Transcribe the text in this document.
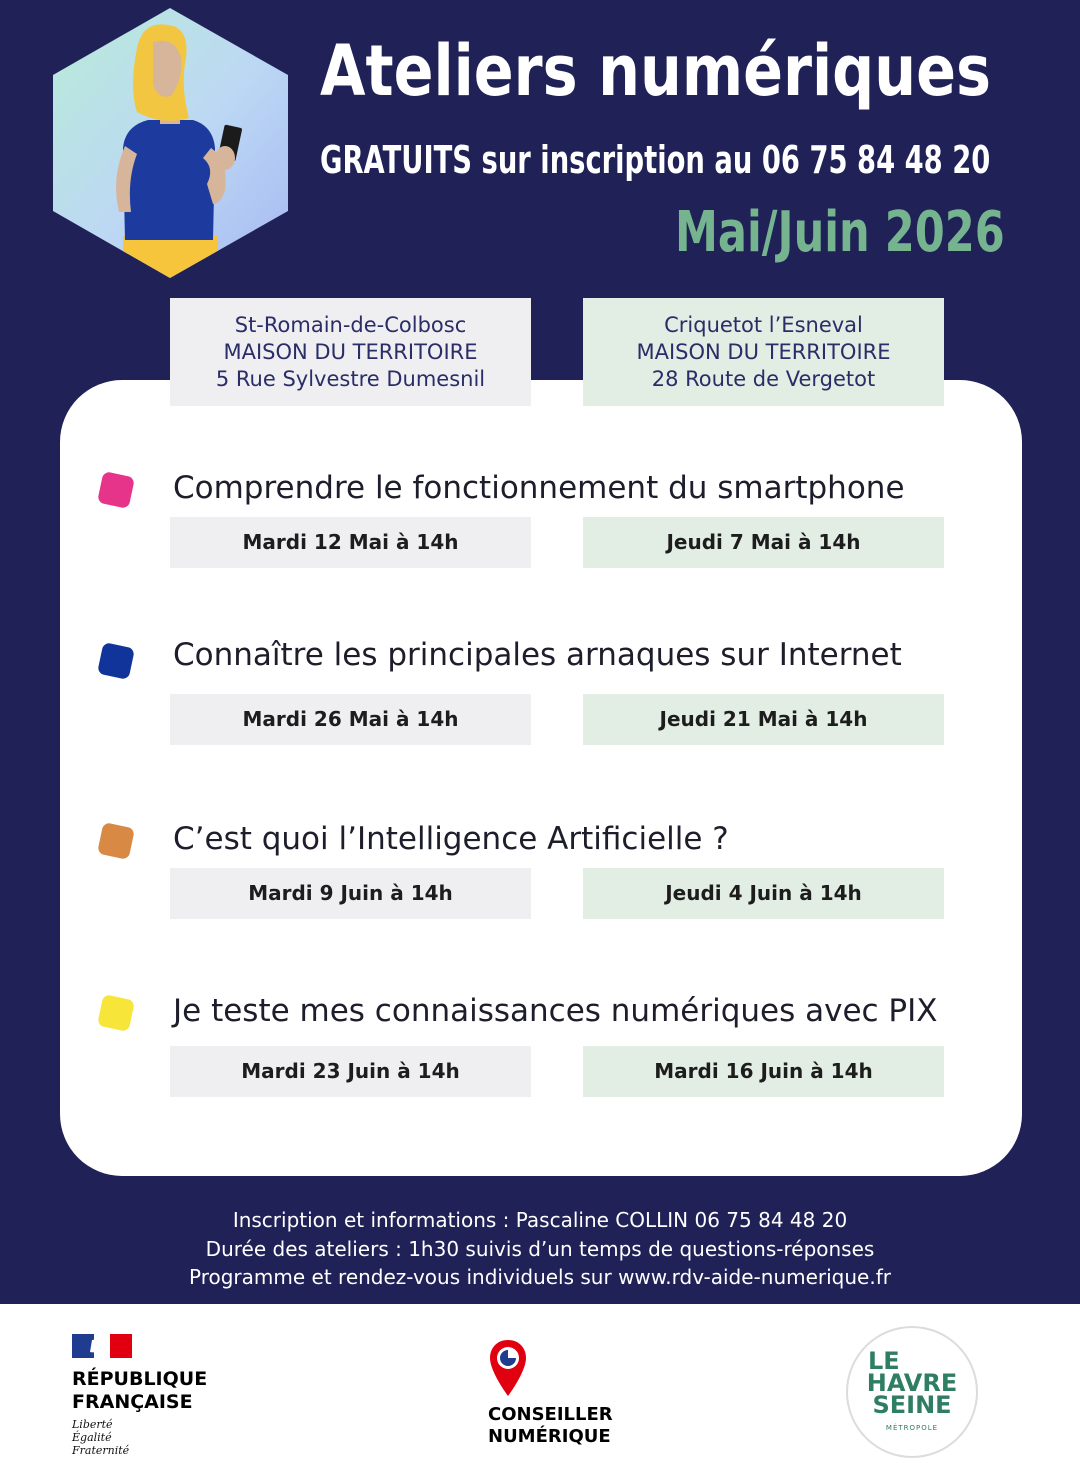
Ateliers numériques
GRATUITS sur inscription au 06 75 84 48 20
Mai/Juin 2026
St-Romain-de-Colbosc
MAISON DU TERRITOIRE
5 Rue Sylvestre Dumesnil
Criquetot l’Esneval
MAISON DU TERRITOIRE
28 Route de Vergetot
Comprendre le fonctionnement du smartphone
Mardi 12 Mai à 14h	Jeudi 7 Mai à 14h
Connaître les principales arnaques sur Internet
Mardi 26 Mai à 14h	Jeudi 21 Mai à 14h
C’est quoi l’Intelligence Artificielle ?
Mardi 9 Juin à 14h	Jeudi 4 Juin à 14h
Je teste mes connaissances numériques avec PIX
Mardi 23 Juin à 14h	Mardi 16 Juin à 14h
Inscription et informations : Pascaline COLLIN 06 75 84 48 20
Durée des ateliers : 1h30 suivis d’un temps de questions-réponses
Programme et rendez-vous individuels sur www.rdv-aide-numerique.fr
RÉPUBLIQUE
FRANÇAISE
Liberté
Égalité
Fraternité
CONSEILLER
NUMÉRIQUE
LE
HAVRE
SEINE
MÉTROPOLE
